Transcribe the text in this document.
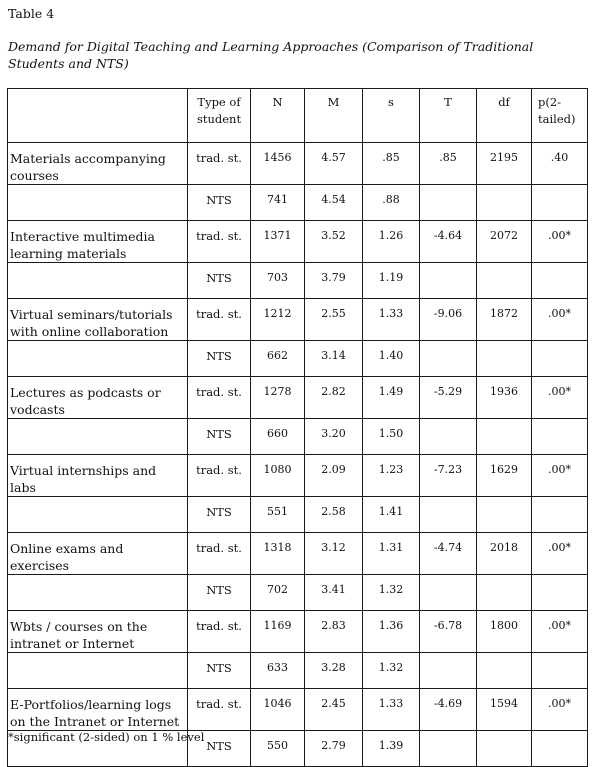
Table 4
Demand for Digital Teaching and Learning Approaches (Comparison of Traditional Students and NTS)
	Type of student	N	M	s	T	df	p(2-tailed)
Materials accompanying courses	trad. st.	1456	4.57	.85	.85	2195	.40
	NTS	741	4.54	.88			
Interactive multimedia learning materials	trad. st.	1371	3.52	1.26	-4.64	2072	.00*
	NTS	703	3.79	1.19			
Virtual seminars/tutorials with online collaboration	trad. st.	1212	2.55	1.33	-9.06	1872	.00*
	NTS	662	3.14	1.40			
Lectures as podcasts or vodcasts	trad. st.	1278	2.82	1.49	-5.29	1936	.00*
	NTS	660	3.20	1.50			
Virtual internships and labs	trad. st.	1080	2.09	1.23	-7.23	1629	.00*
	NTS	551	2.58	1.41			
Online exams and exercises	trad. st.	1318	3.12	1.31	-4.74	2018	.00*
	NTS	702	3.41	1.32			
Wbts / courses on the intranet or Internet	trad. st.	1169	2.83	1.36	-6.78	1800	.00*
	NTS	633	3.28	1.32			
E-Portfolios/learning logs on the Intranet or Internet	trad. st.	1046	2.45	1.33	-4.69	1594	.00*
	NTS	550	2.79	1.39			
*significant (2-sided) on 1 % level
